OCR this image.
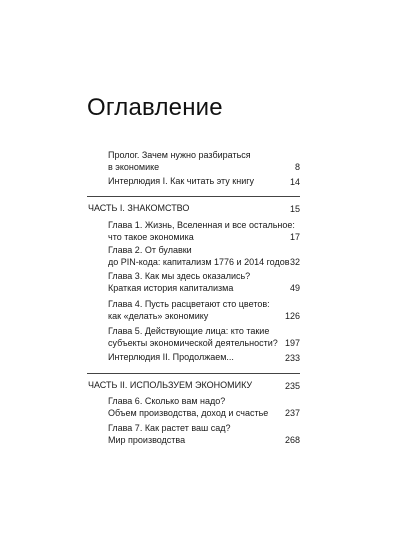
Оглавление
Пролог. Зачем нужно разбираться
в экономике	8
Интерлюдия I. Как читать эту книгу	14
ЧАСТЬ I. ЗНАКОМСТВО	15
Глава 1. Жизнь, Вселенная и все остальное:
что такое экономика	17
Глава 2. От булавки
до PIN-кода: капитализм 1776 и 2014 годов 32
Глава 3. Как мы здесь оказались?
Краткая история капитализма	49
Глава 4. Пусть расцветают сто цветов:
как «делать» экономику	126
Глава 5. Действующие лица: кто такие
субъекты экономической деятельности? 197
Интерлюдия II. Продолжаем...	233
ЧАСТЬ II. ИСПОЛЬЗУЕМ ЭКОНОМИКУ	235
Глава 6. Сколько вам надо?
Объем производства, доход и счастье	237
Глава 7. Как растет ваш сад?
Мир производства	268
